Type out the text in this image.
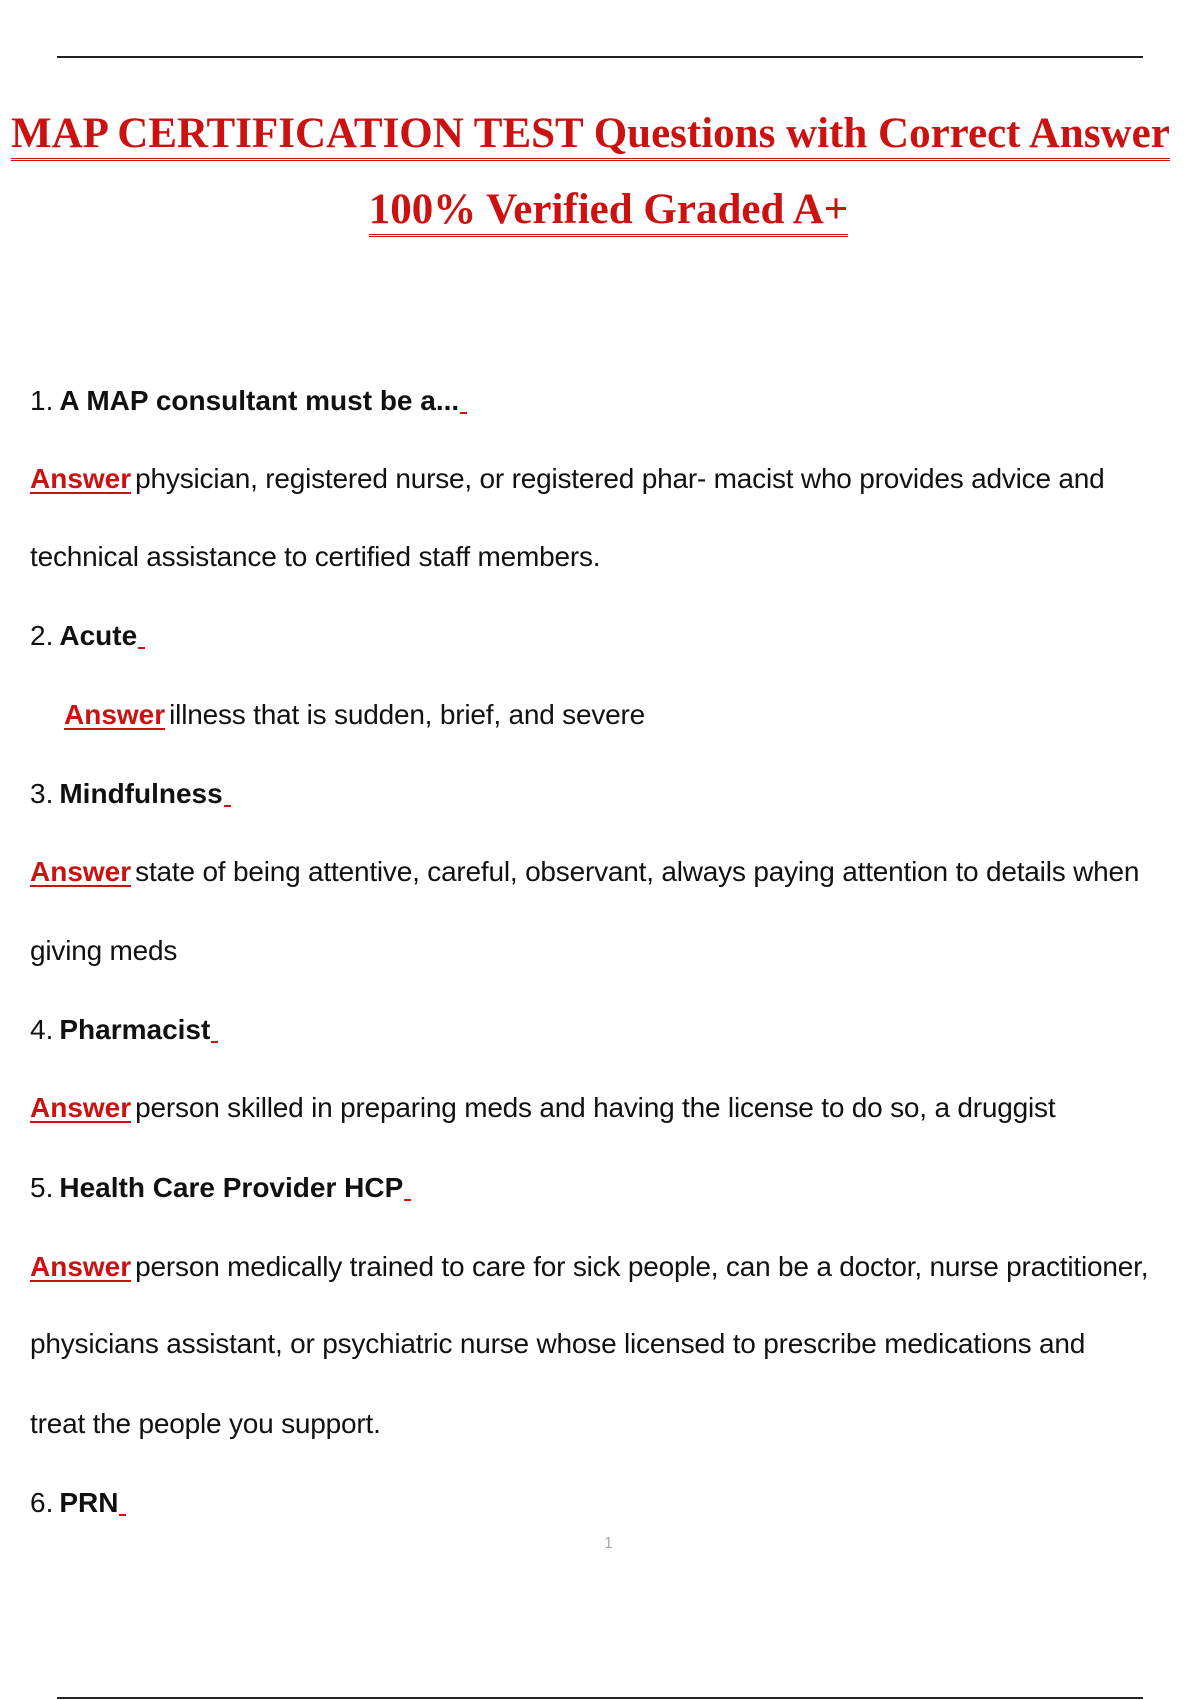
MAP CERTIFICATION TEST Questions with Correct Answer
100% Verified Graded A+
1. A MAP consultant must be a...
Answer physician, registered nurse, or registered phar- macist who provides advice and
technical assistance to certified staff members.
2. Acute
Answer illness that is sudden, brief, and severe
3. Mindfulness
Answer state of being attentive, careful, observant, always paying attention to details when
giving meds
4. Pharmacist
Answer person skilled in preparing meds and having the license to do so, a druggist
5. Health Care Provider HCP
Answer person medically trained to care for sick people, can be a doctor, nurse practitioner,
physicians assistant, or psychiatric nurse whose licensed to prescribe medications and
treat the people you support.
6. PRN
1
